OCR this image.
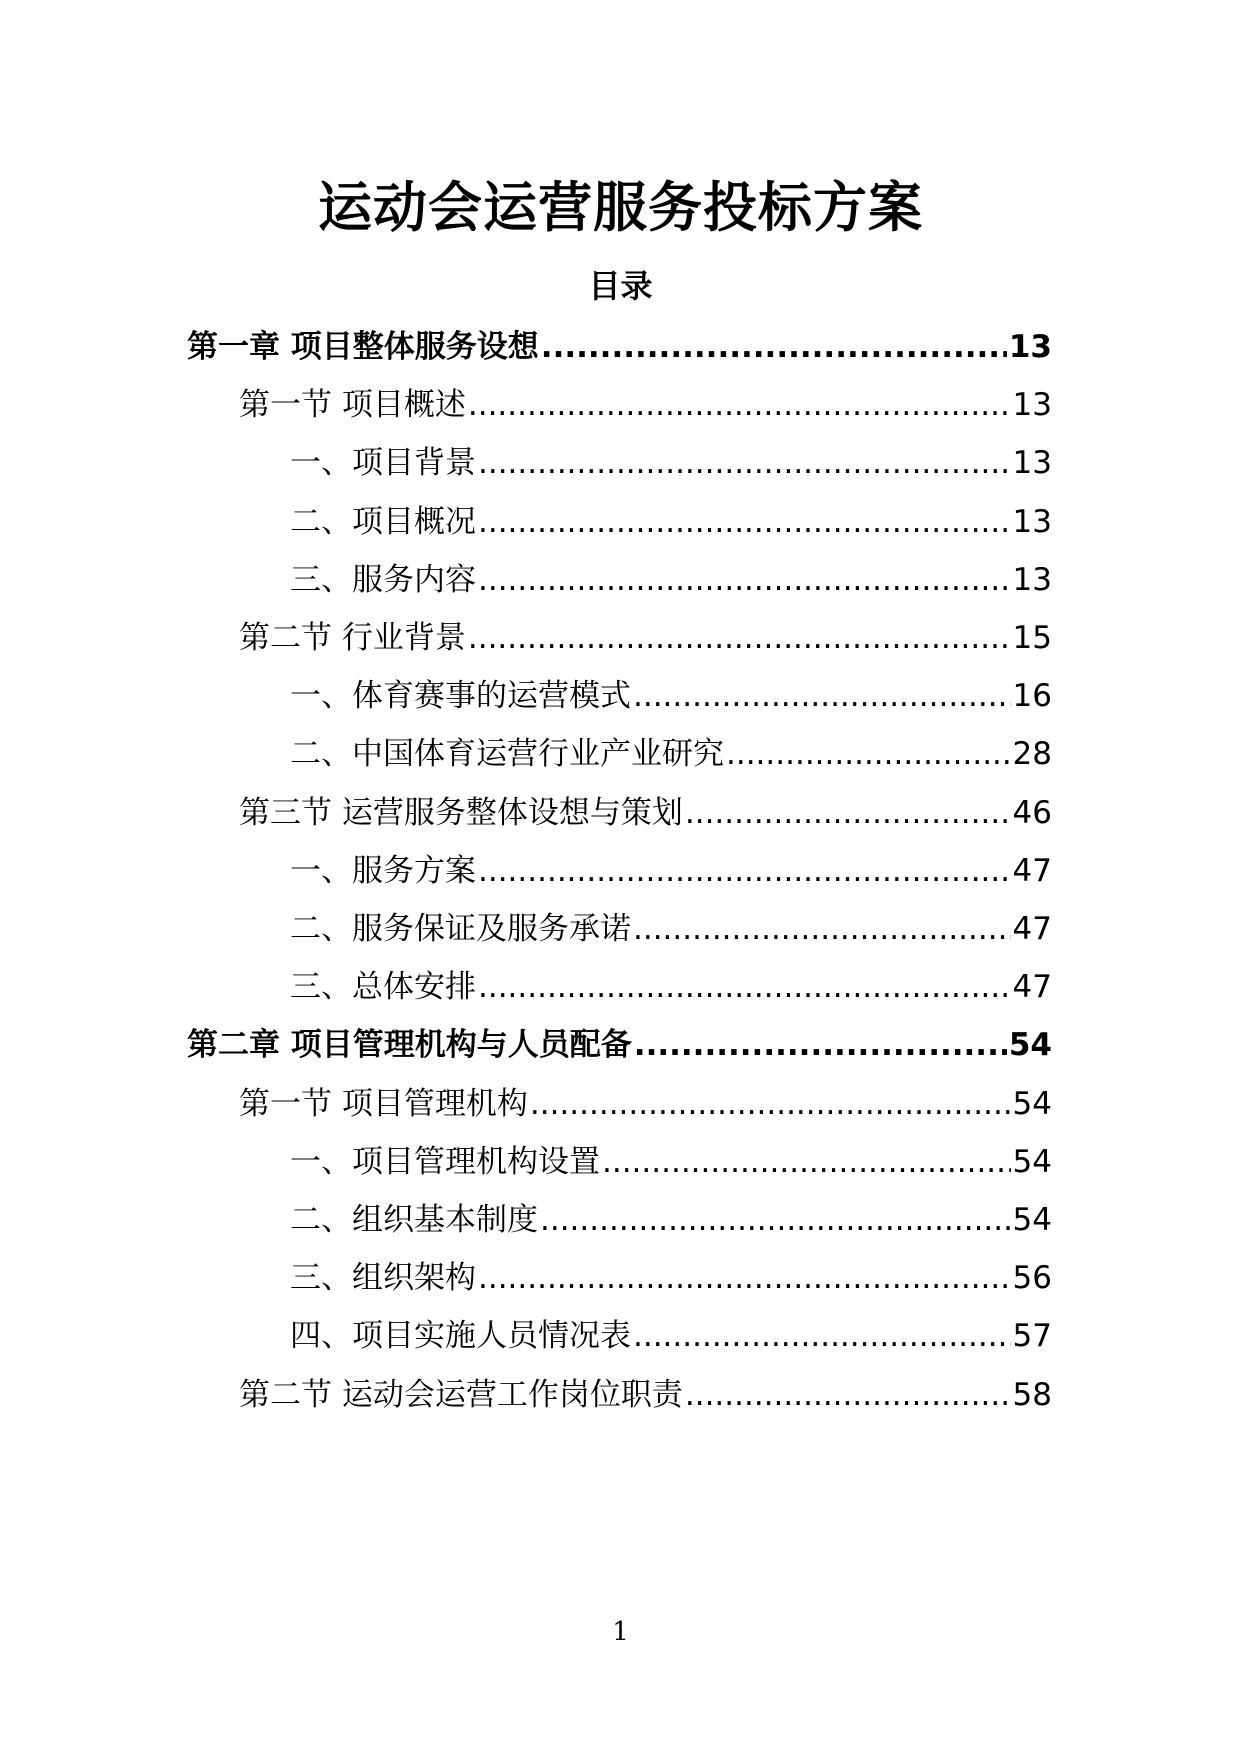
运动会运营服务投标方案
目录
第一章 项目整体服务设想 .....	13
第一节 项目概述 .....	13
一、项目背景 .....	13
二、项目概况 .....	13
三、服务内容 .....	13
第二节 行业背景 .....	15
一、体育赛事的运营模式 .....	16
二、中国体育运营行业产业研究 .....	28
第三节 运营服务整体设想与策划 .....	46
一、服务方案 .....	47
二、服务保证及服务承诺 .....	47
三、总体安排 .....	47
第二章 项目管理机构与人员配备 .....	54
第一节 项目管理机构 .....	54
一、项目管理机构设置 .....	54
二、组织基本制度 .....	54
三、组织架构 .....	56
四、项目实施人员情况表 .....	57
第二节 运动会运营工作岗位职责 .....	58
1
